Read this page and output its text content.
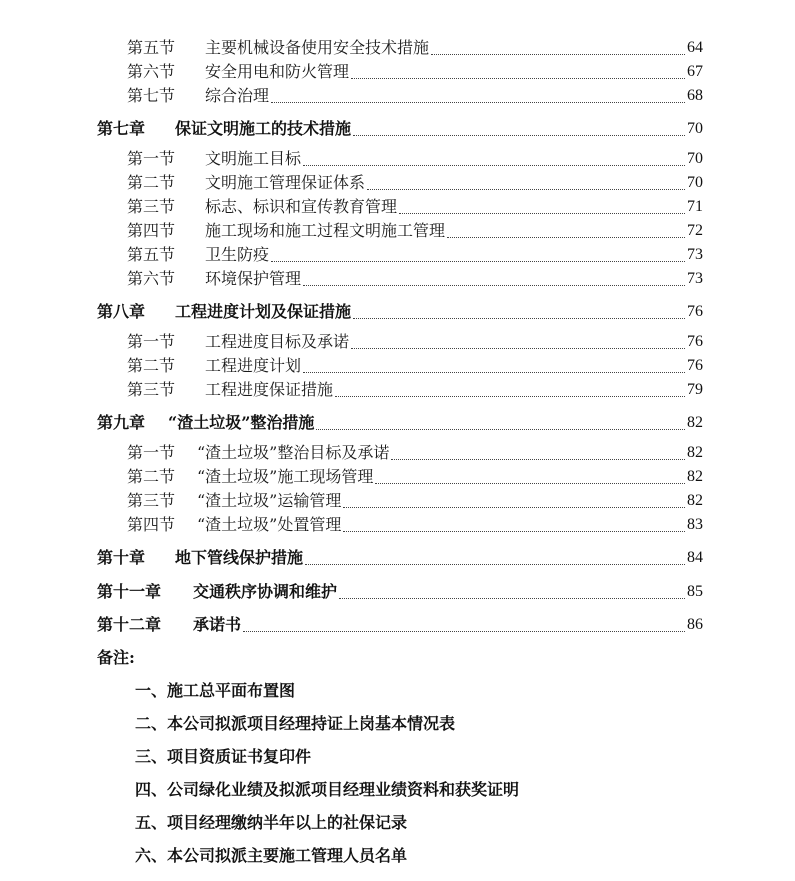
第五节 主要机械设备使用安全技术措施	64
第六节 安全用电和防火管理	67
第七节 综合治理	68
第七章 保证文明施工的技术措施	70
第一节 文明施工目标	70
第二节 文明施工管理保证体系	70
第三节 标志、标识和宣传教育管理	71
第四节 施工现场和施工过程文明施工管理	72
第五节 卫生防疫	73
第六节 环境保护管理	73
第八章 工程进度计划及保证措施	76
第一节 工程进度目标及承诺	76
第二节 工程进度计划	76
第三节 工程进度保证措施	79
第九章 “渣土垃圾”整治措施	82
第一节 “渣土垃圾”整治目标及承诺	82
第二节 “渣土垃圾”施工现场管理	82
第三节 “渣土垃圾”运输管理	82
第四节 “渣土垃圾”处置管理	83
第十章 地下管线保护措施	84
第十一章 交通秩序协调和维护	85
第十二章 承诺书	86
备注:
一、施工总平面布置图
二、本公司拟派项目经理持证上岗基本情况表
三、项目资质证书复印件
四、公司绿化业绩及拟派项目经理业绩资料和获奖证明
五、项目经理缴纳半年以上的社保记录
六、本公司拟派主要施工管理人员名单
